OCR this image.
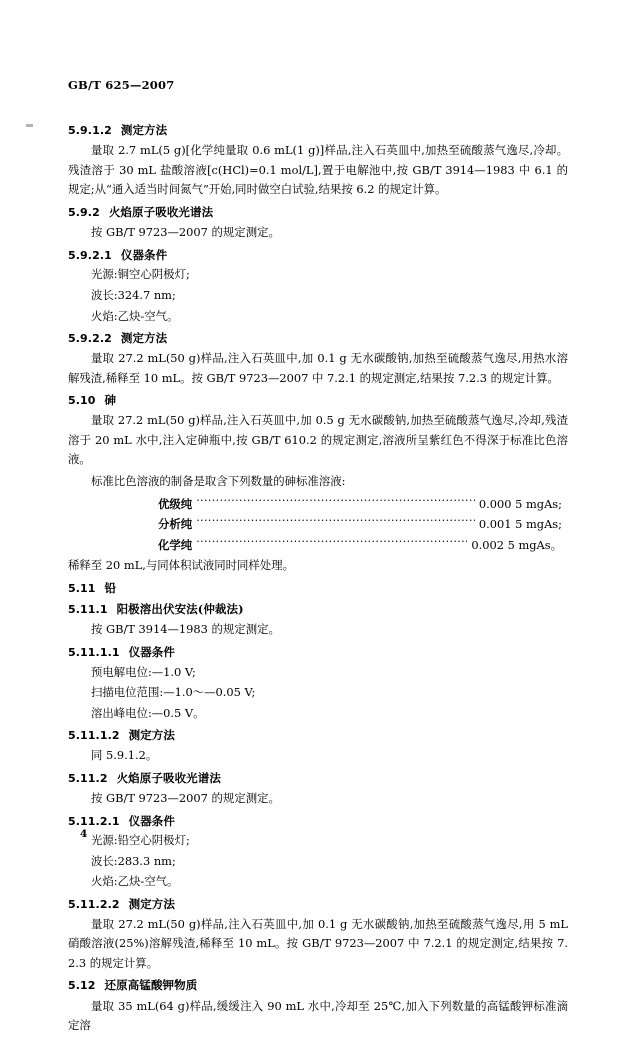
GB/T 625—2007
5.9.1.2 测定方法

量取 2.7 mL(5 g)[化学纯量取 0.6 mL(1 g)]样品,注入石英皿中,加热至硫酸蒸气逸尽,冷却。残渣溶于 30 mL 盐酸溶液[c(HCl)=0.1 mol/L],置于电解池中,按 GB/T 3914—1983 中 6.1 的规定;从“通入适当时间氮气”开始,同时做空白试验,结果按 6.2 的规定计算。

5.9.2 火焰原子吸收光谱法

按 GB/T 9723—2007 的规定测定。

5.9.2.1 仪器条件
光源:铜空心阴极灯;
波长:324.7 nm;
火焰:乙炔-空气。
5.9.2.2 测定方法

量取 27.2 mL(50 g)样品,注入石英皿中,加 0.1 g 无水碳酸钠,加热至硫酸蒸气逸尽,用热水溶解残渣,稀释至 10 mL。按 GB/T 9723—2007 中 7.2.1 的规定测定,结果按 7.2.3 的规定计算。

5.10 砷

量取 27.2 mL(50 g)样品,注入石英皿中,加 0.5 g 无水碳酸钠,加热至硫酸蒸气逸尽,冷却,残渣溶于 20 mL 水中,注入定砷瓶中,按 GB/T 610.2 的规定测定,溶液所呈紫红色不得深于标准比色溶液。

标准比色溶液的制备是取含下列数量的砷标准溶液:

优级纯 ·····	0.000 5 mgAs;
分析纯 ·····	0.001 5 mgAs;
化学纯 ·····	0.002 5 mgAs。

稀释至 20 mL,与同体积试液同时同样处理。

5.11 铅
5.11.1 阳极溶出伏安法(仲裁法)

按 GB/T 3914—1983 的规定测定。

5.11.1.1 仪器条件
预电解电位:—1.0 V;
扫描电位范围:—1.0～—0.05 V;
溶出峰电位:—0.5 V。
5.11.1.2 测定方法

同 5.9.1.2。

5.11.2 火焰原子吸收光谱法

按 GB/T 9723—2007 的规定测定。

5.11.2.1 仪器条件
光源:铅空心阴极灯;
波长:283.3 nm;
火焰:乙炔-空气。
5.11.2.2 测定方法

量取 27.2 mL(50 g)样品,注入石英皿中,加 0.1 g 无水碳酸钠,加热至硫酸蒸气逸尽,用 5 mL 硝酸溶液(25%)溶解残渣,稀释至 10 mL。按 GB/T 9723—2007 中 7.2.1 的规定测定,结果按 7.2.3 的规定计算。

5.12 还原高锰酸钾物质

量取 35 mL(64 g)样品,缓缓注入 90 mL 水中,冷却至 25℃,加入下列数量的高锰酸钾标准滴定溶

4
